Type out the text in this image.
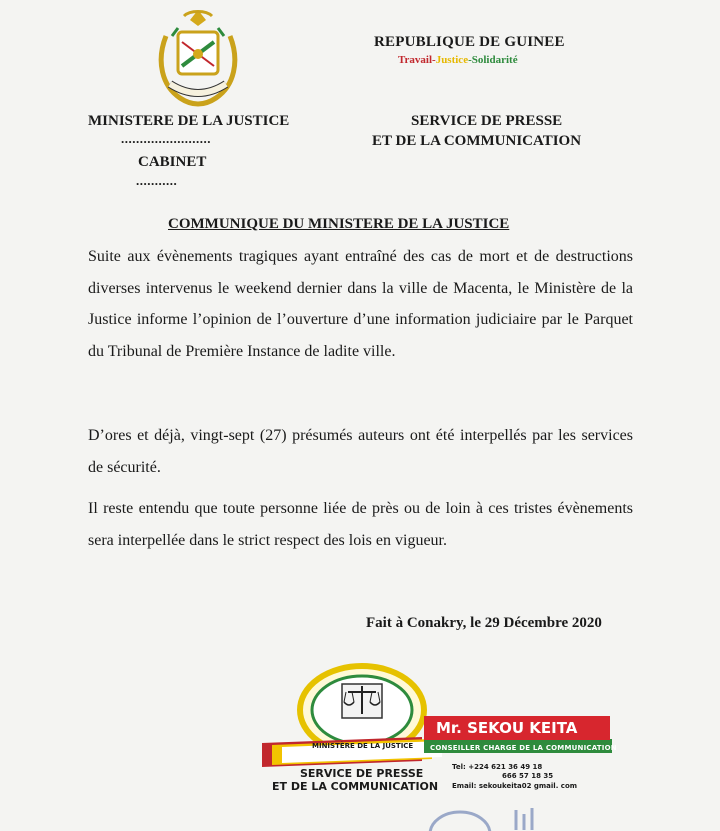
REPUBLIQUE DE GUINEE
Travail-Justice-Solidarité
MINISTERE DE LA JUSTICE
........................
CABINET
...........
SERVICE DE PRESSE
ET DE LA COMMUNICATION
COMMUNIQUE DU MINISTERE DE LA JUSTICE
Suite aux évènements tragiques ayant entraîné des cas de mort et de destructions diverses intervenus le weekend dernier dans la ville de Macenta, le Ministère de la Justice informe l’opinion de l’ouverture d’une information judiciaire par le Parquet du Tribunal de Première Instance de ladite ville.
D’ores et déjà, vingt-sept (27) présumés auteurs ont été interpellés par les services de sécurité.
Il reste entendu que toute personne liée de près ou de loin à ces tristes évènements sera interpellée dans le strict respect des lois en vigueur.
Fait à Conakry, le 29 Décembre 2020
MINISTÈRE DE LA JUSTICE
Mr. SEKOU KEITA
CONSEILLER CHARGE DE LA COMMUNICATION
SERVICE DE PRESSE
ET DE LA COMMUNICATION
Tel: +224 621 36 49 18
666 57 18 35
Email: sekoukeita02 gmail. com
